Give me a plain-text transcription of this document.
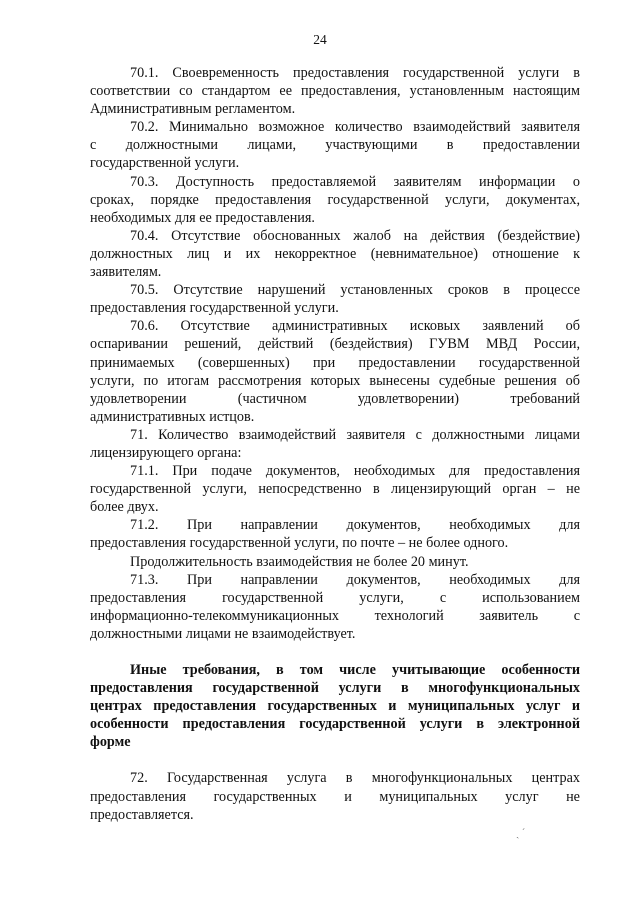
24
70.1. Своевременность предоставления государственной услуги в
соответствии со стандартом ее предоставления, установленным настоящим
Административным регламентом.
70.2. Минимально возможное количество взаимодействий заявителя
с должностными лицами, участвующими в предоставлении
государственной услуги.
70.3. Доступность предоставляемой заявителям информации о
сроках, порядке предоставления государственной услуги, документах,
необходимых для ее предоставления.
70.4. Отсутствие обоснованных жалоб на действия (бездействие)
должностных лиц и их некорректное (невнимательное) отношение к
заявителям.
70.5. Отсутствие нарушений установленных сроков в процессе
предоставления государственной услуги.
70.6. Отсутствие административных исковых заявлений об
оспаривании решений, действий (бездействия) ГУВМ МВД России,
принимаемых (совершенных) при предоставлении государственной
услуги, по итогам рассмотрения которых вынесены судебные решения об
удовлетворении (частичном удовлетворении) требований
административных истцов.
71. Количество взаимодействий заявителя с должностными лицами
лицензирующего органа:
71.1. При подаче документов, необходимых для предоставления
государственной услуги, непосредственно в лицензирующий орган – не
более двух.
71.2. При направлении документов, необходимых для
предоставления государственной услуги, по почте – не более одного.
Продолжительность взаимодействия не более 20 минут.
71.3. При направлении документов, необходимых для
предоставления государственной услуги, с использованием
информационно-телекоммуникационных технологий заявитель с
должностными лицами не взаимодействует.
Иные требования, в том числе учитывающие особенности
предоставления государственной услуги в многофункциональных
центрах предоставления государственных и муниципальных услуг и
особенности предоставления государственной услуги в электронной
форме
72. Государственная услуга в многофункциональных центрах
предоставления государственных и муниципальных услуг не
предоставляется.
ˎ ´
